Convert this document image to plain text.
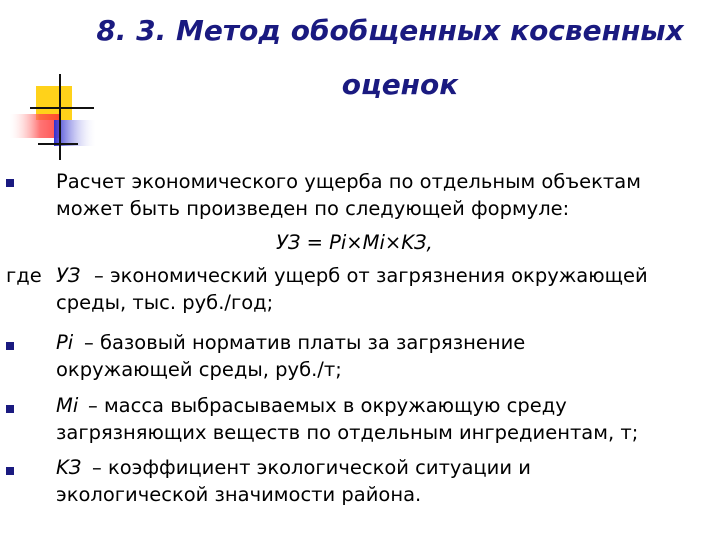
8. 3. Метод обобщенных косвенных
оценок
Расчет экономического ущерба по отдельным объектам
может быть произведен по следующей формуле:
УЗ = Pi×Mi×KЗ,
где УЗ – экономический ущерб от загрязнения окружающей
среды, тыс. руб./год;
Pi – базовый норматив платы за загрязнение
окружающей среды, руб./т;
Mi – масса выбрасываемых в окружающую среду
загрязняющих веществ по отдельным ингредиентам, т;
KЗ – коэффициент экологической ситуации и
экологической значимости района.
